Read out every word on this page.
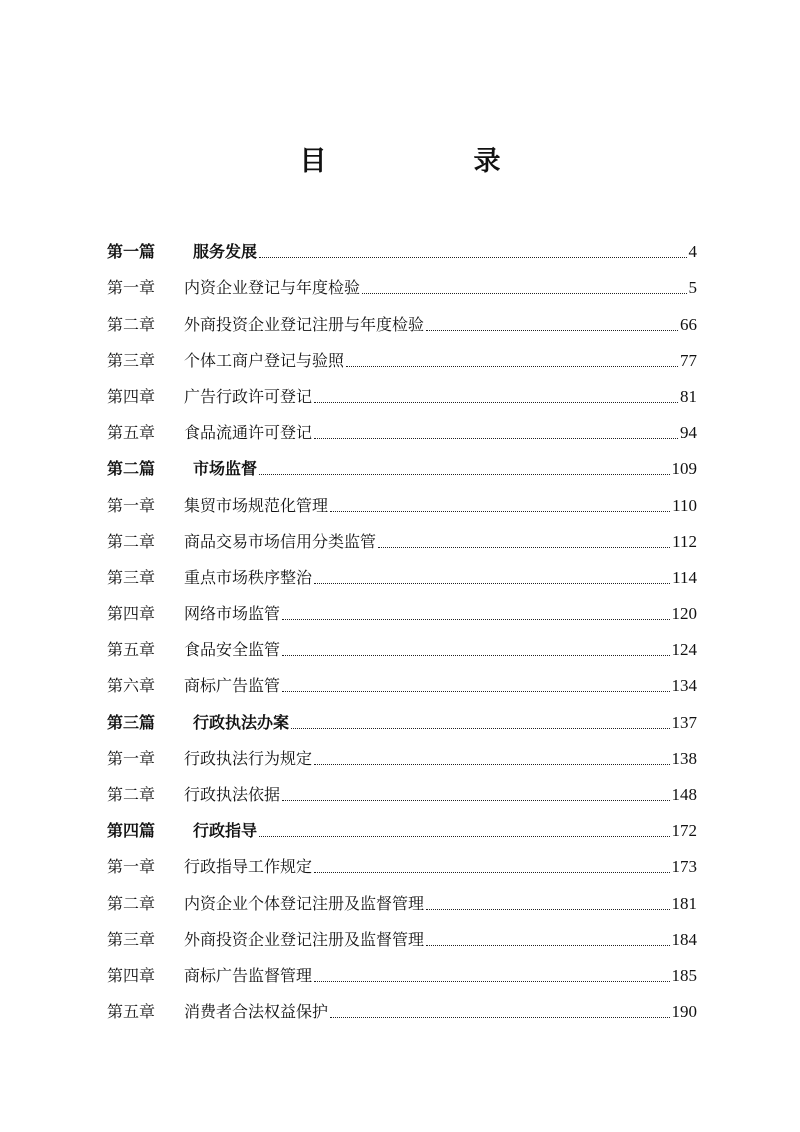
目　录
第一篇	服务发展	4
第一章	内资企业登记与年度检验	5
第二章	外商投资企业登记注册与年度检验	66
第三章	个体工商户登记与验照	77
第四章	广告行政许可登记	81
第五章	食品流通许可登记	94
第二篇	市场监督	109
第一章	集贸市场规范化管理	110
第二章	商品交易市场信用分类监管	112
第三章	重点市场秩序整治	114
第四章	网络市场监管	120
第五章	食品安全监管	124
第六章	商标广告监管	134
第三篇	行政执法办案	137
第一章	行政执法行为规定	138
第二章	行政执法依据	148
第四篇	行政指导	172
第一章	行政指导工作规定	173
第二章	内资企业个体登记注册及监督管理	181
第三章	外商投资企业登记注册及监督管理	184
第四章	商标广告监督管理	185
第五章	消费者合法权益保护	190
